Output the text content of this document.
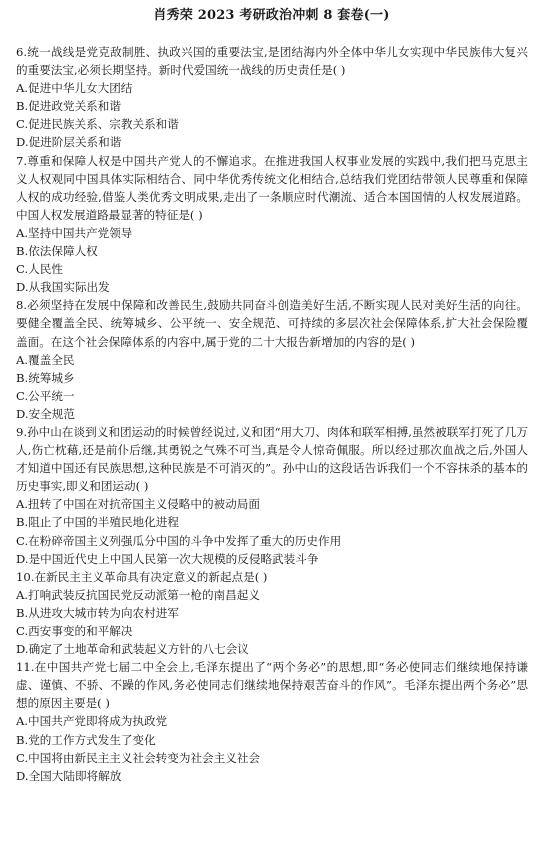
肖秀荣 2023 考研政治冲刺 8 套卷(一)

6.统一战线是党克敌制胜、执政兴国的重要法宝,是团结海内外全体中华儿女实现中华民族伟大复兴的重要法宝,必须长期坚持。新时代爱国统一战线的历史责任是( )

A.促进中华儿女大团结

B.促进政党关系和谐

C.促进民族关系、宗教关系和谐

D.促进阶层关系和谐

7.尊重和保障人权是中国共产党人的不懈追求。在推进我国人权事业发展的实践中,我们把马克思主义人权观同中国具体实际相结合、同中华优秀传统文化相结合,总结我们党团结带领人民尊重和保障人权的成功经验,借鉴人类优秀文明成果,走出了一条顺应时代潮流、适合本国国情的人权发展道路。中国人权发展道路最显著的特征是( )

A.坚持中国共产党领导

B.依法保障人权

C.人民性

D.从我国实际出发

8.必须坚持在发展中保障和改善民生,鼓励共同奋斗创造美好生活,不断实现人民对美好生活的向往。要健全覆盖全民、统筹城乡、公平统一、安全规范、可持续的多层次社会保障体系,扩大社会保险覆盖面。在这个社会保障体系的内容中,属于党的二十大报告新增加的内容的是( )

A.覆盖全民

B.统筹城乡

C.公平统一

D.安全规范

9.孙中山在谈到义和团运动的时候曾经说过,义和团“用大刀、肉体和联军相搏,虽然被联军打死了几万人,伤亡枕藉,还是前仆后继,其勇锐之气殊不可当,真是令人惊奇佩服。所以经过那次血战之后,外国人才知道中国还有民族思想,这种民族是不可消灭的”。孙中山的这段话告诉我们一个不容抹杀的基本的历史事实,即义和团运动( )

A.扭转了中国在对抗帝国主义侵略中的被动局面

B.阻止了中国的半殖民地化进程

C.在粉碎帝国主义列强瓜分中国的斗争中发挥了重大的历史作用

D.是中国近代史上中国人民第一次大规模的反侵略武装斗争

10.在新民主主义革命具有决定意义的新起点是( )

A.打响武装反抗国民党反动派第一枪的南昌起义

B.从进攻大城市转为向农村进军

C.西安事变的和平解决

D.确定了土地革命和武装起义方针的八七会议

11.在中国共产党七届二中全会上,毛泽东提出了“两个务必”的思想,即“务必使同志们继续地保持谦虚、谨慎、不骄、不躁的作风,务必使同志们继续地保持艰苦奋斗的作风”。毛泽东提出两个务必”思想的原因主要是( )

A.中国共产党即将成为执政党

B.党的工作方式发生了变化

C.中国将由新民主主义社会转变为社会主义社会

D.全国大陆即将解放
